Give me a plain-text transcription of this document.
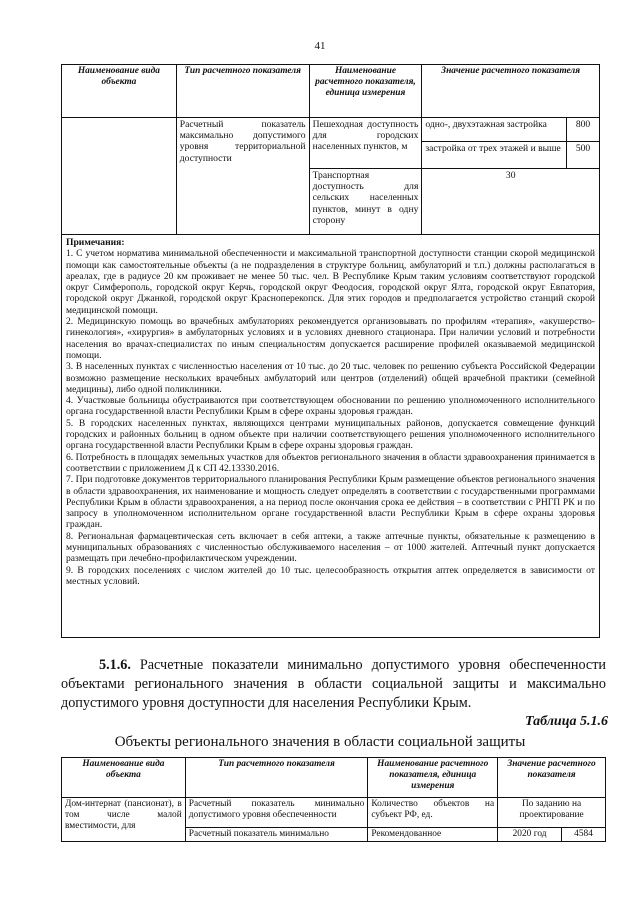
41
Наименование вида объекта	Тип расчетного показателя	Наименование расчетного показателя, единица измерения	Значение расчетного показателя	
	Расчетный показатель максимально допустимого уровня территориальной доступности	Пешеходная доступность для городских населенных пунктов, м	одно-, двухэтажная застройка	800
			застройка от трех этажей и выше	500
		Транспортная доступность для сельских населенных пунктов, минут в одну сторону	30	

Примечания:

1. С учетом норматива минимальной обеспеченности и максимальной транспортной доступности станции скорой медицинской помощи как самостоятельные объекты (а не подразделения в структуре больниц, амбулаторий и т.п.) должны располагаться в ареалах, где в радиусе 20 км проживает не менее 50 тыс. чел. В Республике Крым таким условиям соответствуют городской округ Симферополь, городской округ Керчь, городской округ Феодосия, городской округ Ялта, городской округ Евпатория, городской округ Джанкой, городской округ Красноперекопск. Для этих городов и предполагается устройство станций скорой медицинской помощи.

2. Медицинскую помощь во врачебных амбулаториях рекомендуется организовывать по профилям «терапия», «акушерство-гинекология», «хирургия» в амбулаторных условиях и в условиях дневного стационара. При наличии условий и потребности населения во врачах-специалистах по иным специальностям допускается расширение профилей оказываемой медицинской помощи.

3. В населенных пунктах с численностью населения от 10 тыс. до 20 тыс. человек по решению субъекта Российской Федерации возможно размещение нескольких врачебных амбулаторий или центров (отделений) общей врачебной практики (семейной медицины), либо одной поликлиники.

4. Участковые больницы обустраиваются при соответствующем обосновании по решению уполномоченного исполнительного органа государственной власти Республики Крым в сфере охраны здоровья граждан.

5. В городских населенных пунктах, являющихся центрами муниципальных районов, допускается совмещение функций городских и районных больниц в одном объекте при наличии соответствующего решения уполномоченного исполнительного органа государственной власти Республики Крым в сфере охраны здоровья граждан.

6. Потребность в площадях земельных участков для объектов регионального значения в области здравоохранения принимается в соответствии с приложением Д к СП 42.13330.2016.

7. При подготовке документов территориального планирования Республики Крым размещение объектов регионального значения в области здравоохранения, их наименование и мощность следует определять в соответствии с государственными программами Республики Крым в области здравоохранения, а на период после окончания срока ее действия – в соответствии с РНГП РК и по запросу в уполномоченном исполнительном органе государственной власти Республики Крым в сфере охраны здоровья граждан.

8. Региональная фармацевтическая сеть включает в себя аптеки, а также аптечные пункты, обязательные к размещению в муниципальных образованиях с численностью обслуживаемого населения – от 1000 жителей. Аптечный пункт допускается размещать при лечебно-профилактическом учреждении.

9. В городских поселениях с числом жителей до 10 тыс. целесообразность открытия аптек определяется в зависимости от местных условий.

5.1.6. Расчетные показатели минимально допустимого уровня обеспеченности объектами регионального значения в области социальной защиты и максимально допустимого уровня доступности для населения Республики Крым.
Таблица 5.1.6
Объекты регионального значения в области социальной защиты
Наименование вида объекта	Тип расчетного показателя	Наименование расчетного показателя, единица измерения	Значение расчетного показателя	
Дом-интернат (пансионат), в том числе малой вместимости, для	Расчетный показатель минимально допустимого уровня обеспеченности	Количество объектов на субъект РФ, ед.	По заданию на проектирование	
	Расчетный показатель минимально	Рекомендованное	2020 год	4584
